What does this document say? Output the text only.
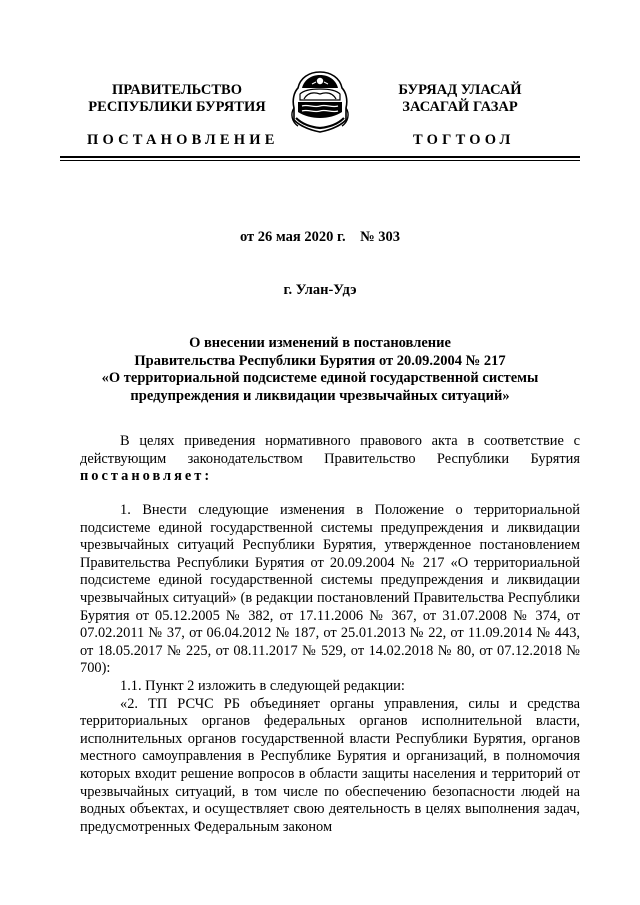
ПРАВИТЕЛЬСТВО
РЕСПУБЛИКИ БУРЯТИЯ
БУРЯАД УЛАСАЙ
ЗАСАГАЙ ГАЗАР
ПОСТАНОВЛЕНИЕ	ТОГТООЛ
от 26 мая 2020 г.    № 303
г. Улан-Удэ
О внесении изменений в постановление
Правительства Республики Бурятия от 20.09.2004 № 217
«О территориальной подсистеме единой государственной системы
предупреждения и ликвидации чрезвычайных ситуаций»

В целях приведения нормативного правового акта в соответствие с действующим законодательством Правительство Республики Бурятия постановляет:

1. Внести следующие изменения в Положение о территориальной подсистеме единой государственной системы предупреждения и ликвидации чрезвычайных ситуаций Республики Бурятия, утвержденное постановлением Правительства Республики Бурятия от 20.09.2004 № 217 «О территориальной подсистеме единой государственной системы предупреждения и ликвидации чрезвычайных ситуаций» (в редакции постановлений Правительства Республики Бурятия от 05.12.2005 № 382, от 17.11.2006 № 367, от 31.07.2008 № 374, от 07.02.2011 № 37, от 06.04.2012 № 187, от 25.01.2013 № 22, от 11.09.2014 № 443, от 18.05.2017 № 225, от 08.11.2017 № 529, от 14.02.2018 № 80, от 07.12.2018 № 700):

1.1. Пункт 2 изложить в следующей редакции:

«2. ТП РСЧС РБ объединяет органы управления, силы и средства территориальных органов федеральных органов исполнительной власти, исполнительных органов государственной власти Республики Бурятия, органов местного самоуправления в Республике Бурятия и организаций, в полномочия которых входит решение вопросов в области защиты населения и территорий от чрезвычайных ситуаций, в том числе по обеспечению безопасности людей на водных объектах, и осуществляет свою деятельность в целях выполнения задач, предусмотренных Федеральным законом
